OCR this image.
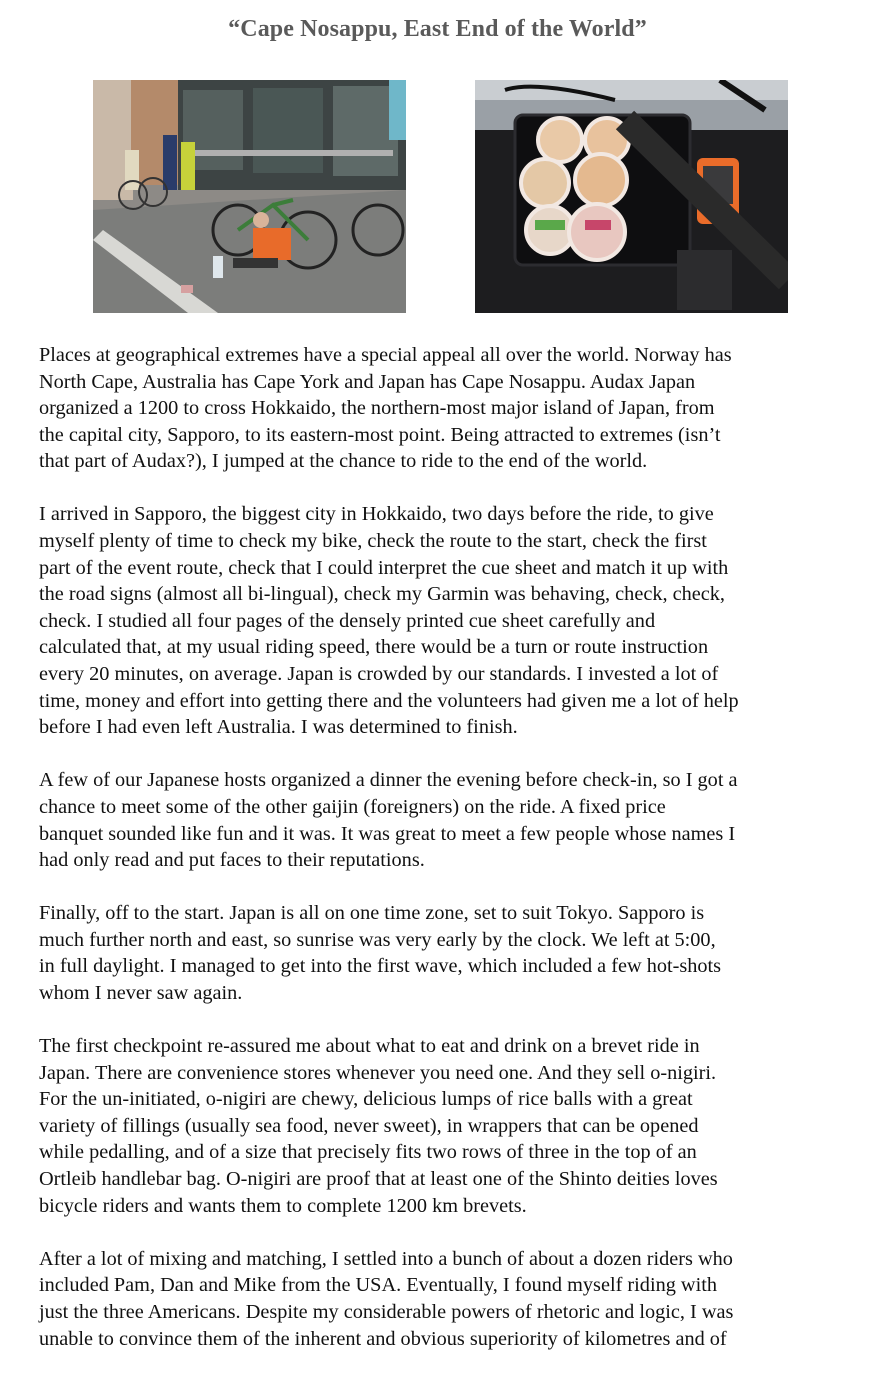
“Cape Nosappu, East End of the World”

Places at geographical extremes have a special appeal all over the world. Norway has
North Cape, Australia has Cape York and Japan has Cape Nosappu. Audax Japan
organized a 1200 to cross Hokkaido, the northern-most major island of Japan, from
the capital city, Sapporo, to its eastern-most point. Being attracted to extremes (isn’t
that part of Audax?), I jumped at the chance to ride to the end of the world.

I arrived in Sapporo, the biggest city in Hokkaido, two days before the ride, to give
myself plenty of time to check my bike, check the route to the start, check the first
part of the event route, check that I could interpret the cue sheet and match it up with
the road signs (almost all bi-lingual), check my Garmin was behaving, check, check,
check. I studied all four pages of the densely printed cue sheet carefully and
calculated that, at my usual riding speed, there would be a turn or route instruction
every 20 minutes, on average. Japan is crowded by our standards. I invested a lot of
time, money and effort into getting there and the volunteers had given me a lot of help
before I had even left Australia. I was determined to finish.

A few of our Japanese hosts organized a dinner the evening before check-in, so I got a
chance to meet some of the other gaijin (foreigners) on the ride. A fixed price
banquet sounded like fun and it was. It was great to meet a few people whose names I
had only read and put faces to their reputations.

Finally, off to the start. Japan is all on one time zone, set to suit Tokyo. Sapporo is
much further north and east, so sunrise was very early by the clock. We left at 5:00,
in full daylight. I managed to get into the first wave, which included a few hot-shots
whom I never saw again.

The first checkpoint re-assured me about what to eat and drink on a brevet ride in
Japan. There are convenience stores whenever you need one. And they sell o-nigiri.
For the un-initiated, o-nigiri are chewy, delicious lumps of rice balls with a great
variety of fillings (usually sea food, never sweet), in wrappers that can be opened
while pedalling, and of a size that precisely fits two rows of three in the top of an
Ortleib handlebar bag. O-nigiri are proof that at least one of the Shinto deities loves
bicycle riders and wants them to complete 1200 km brevets.

After a lot of mixing and matching, I settled into a bunch of about a dozen riders who
included Pam, Dan and Mike from the USA. Eventually, I found myself riding with
just the three Americans. Despite my considerable powers of rhetoric and logic, I was
unable to convince them of the inherent and obvious superiority of kilometres and of
